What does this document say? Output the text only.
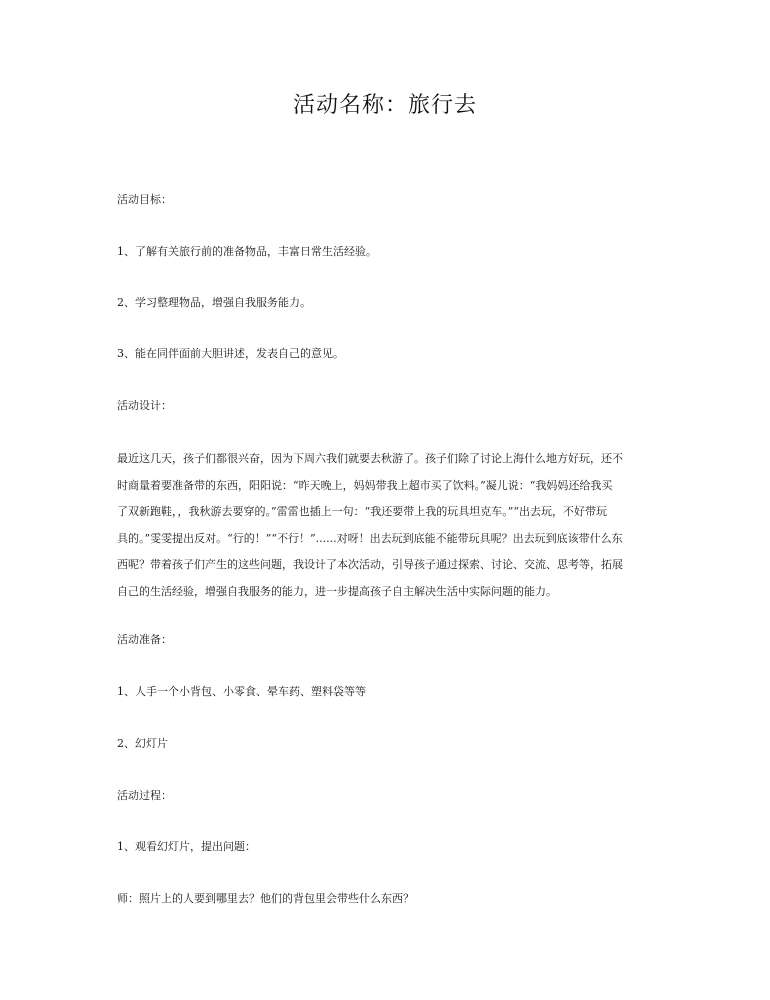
活动名称：旅行去

活动目标：

1、了解有关旅行前的准备物品，丰富日常生活经验。

2、学习整理物品，增强自我服务能力。

3、能在同伴面前大胆讲述，发表自己的意见。

活动设计：

最近这几天，孩子们都很兴奋，因为下周六我们就要去秋游了。孩子们除了讨论上海什么地方好玩，还不
时商量着要准备带的东西，阳阳说：“昨天晚上，妈妈带我上超市买了饮料。”凝儿说：“我妈妈还给我买
了双新跑鞋，，我秋游去要穿的。”雷雷也插上一句：“我还要带上我的玩具坦克车。”“出去玩，不好带玩
具的。”雯雯提出反对。“行的！”“不行！”......对呀！出去玩到底能不能带玩具呢？出去玩到底该带什么东
西呢？带着孩子们产生的这些问题，我设计了本次活动，引导孩子通过探索、讨论、交流、思考等，拓展
自己的生活经验，增强自我服务的能力，进一步提高孩子自主解决生活中实际问题的能力。

活动准备：

1、人手一个小背包、小零食、晕车药、塑料袋等等

2、幻灯片

活动过程：

1、观看幻灯片，提出问题：

师：照片上的人要到哪里去？他们的背包里会带些什么东西？
